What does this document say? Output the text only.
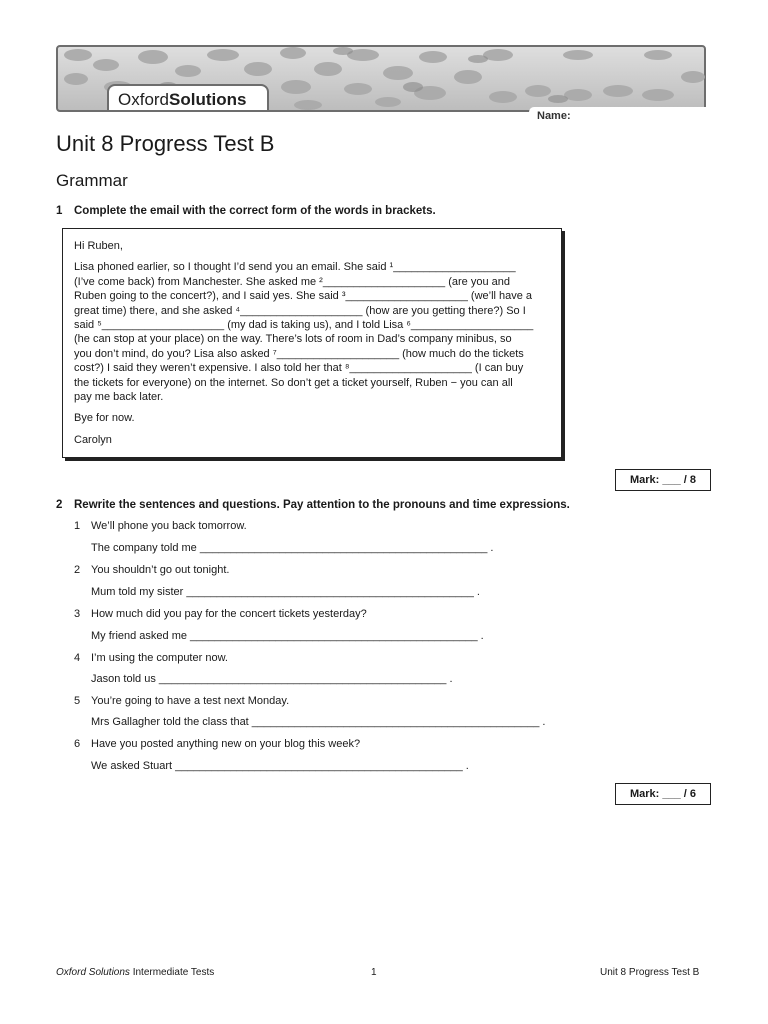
Name:
OxfordSolutions
Unit 8 Progress Test B
Grammar
1 Complete the email with the correct form of the words in brackets.

Hi Ruben,

Lisa phoned earlier, so I thought I’d send you an email. She said ¹____________________
(I’ve come back) from Manchester. She asked me ²____________________ (are you and
Ruben going to the concert?), and I said yes. She said ³____________________ (we’ll have a
great time) there, and she asked ⁴____________________ (how are you getting there?) So I
said ⁵____________________ (my dad is taking us), and I told Lisa ⁶____________________
(he can stop at your place) on the way. There’s lots of room in Dad’s company minibus, so
you don’t mind, do you? Lisa also asked ⁷____________________ (how much do the tickets
cost?) I said they weren’t expensive. I also told her that ⁸____________________ (I can buy
the tickets for everyone) on the internet. So don’t get a ticket yourself, Ruben − you can all
pay me back later.

Bye for now.

Carolyn

Mark: ___ / 8
2 Rewrite the sentences and questions. Pay attention to the pronouns and time expressions.
1 We’ll phone you back tomorrow.
The company told me _______________________________________________ .
2 You shouldn’t go out tonight.
Mum told my sister _______________________________________________ .
3 How much did you pay for the concert tickets yesterday?
My friend asked me _______________________________________________ .
4 I’m using the computer now.
Jason told us _______________________________________________ .
5 You’re going to have a test next Monday.
Mrs Gallagher told the class that _______________________________________________ .
6 Have you posted anything new on your blog this week?
We asked Stuart _______________________________________________ .
Mark: ___ / 6
Oxford Solutions Intermediate Tests	1	Unit 8 Progress Test B
